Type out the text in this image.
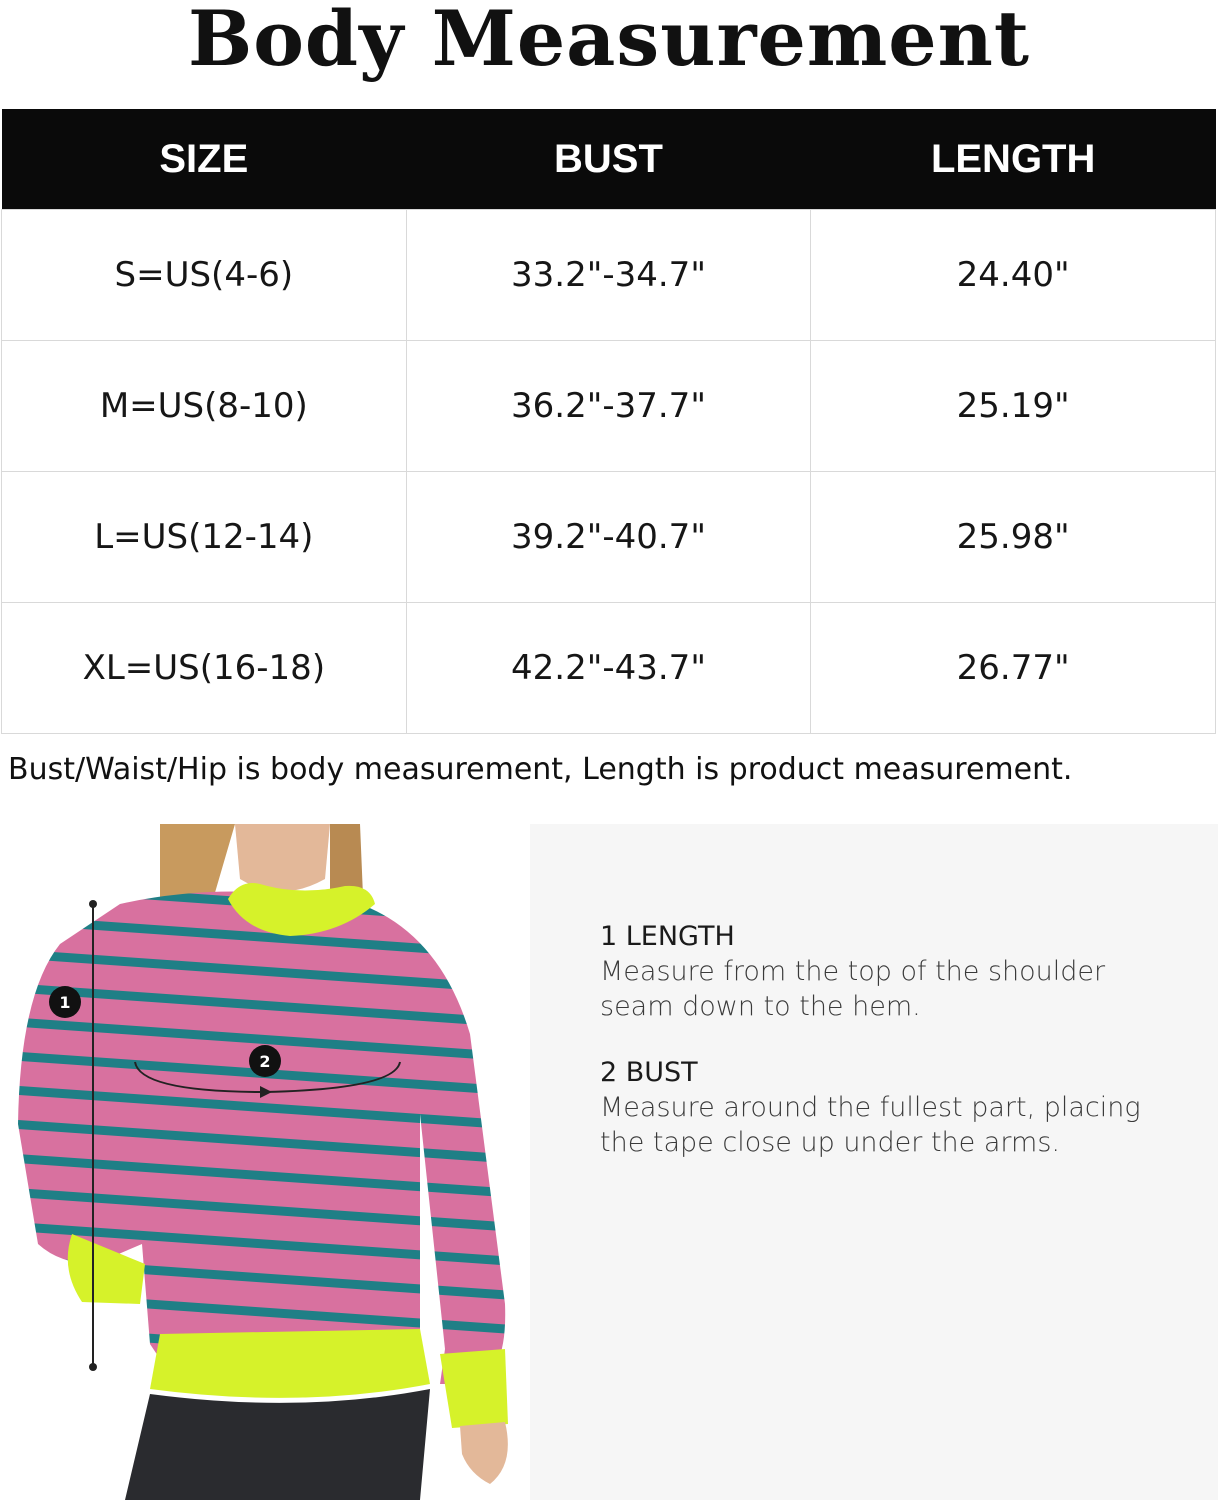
Body Measurement
SIZE	BUST	LENGTH
S=US(4-6)	33.2"-34.7"	24.40"
M=US(8-10)	36.2"-37.7"	25.19"
L=US(12-14)	39.2"-40.7"	25.98"
XL=US(16-18)	42.2"-43.7"	26.77"
Bust/Waist/Hip is body measurement, Length is product measurement.
1
2

1 LENGTH

Measure from the top of the shoulder

seam down to the hem.

2 BUST

Measure around the fullest part, placing

the tape close up under the arms.
